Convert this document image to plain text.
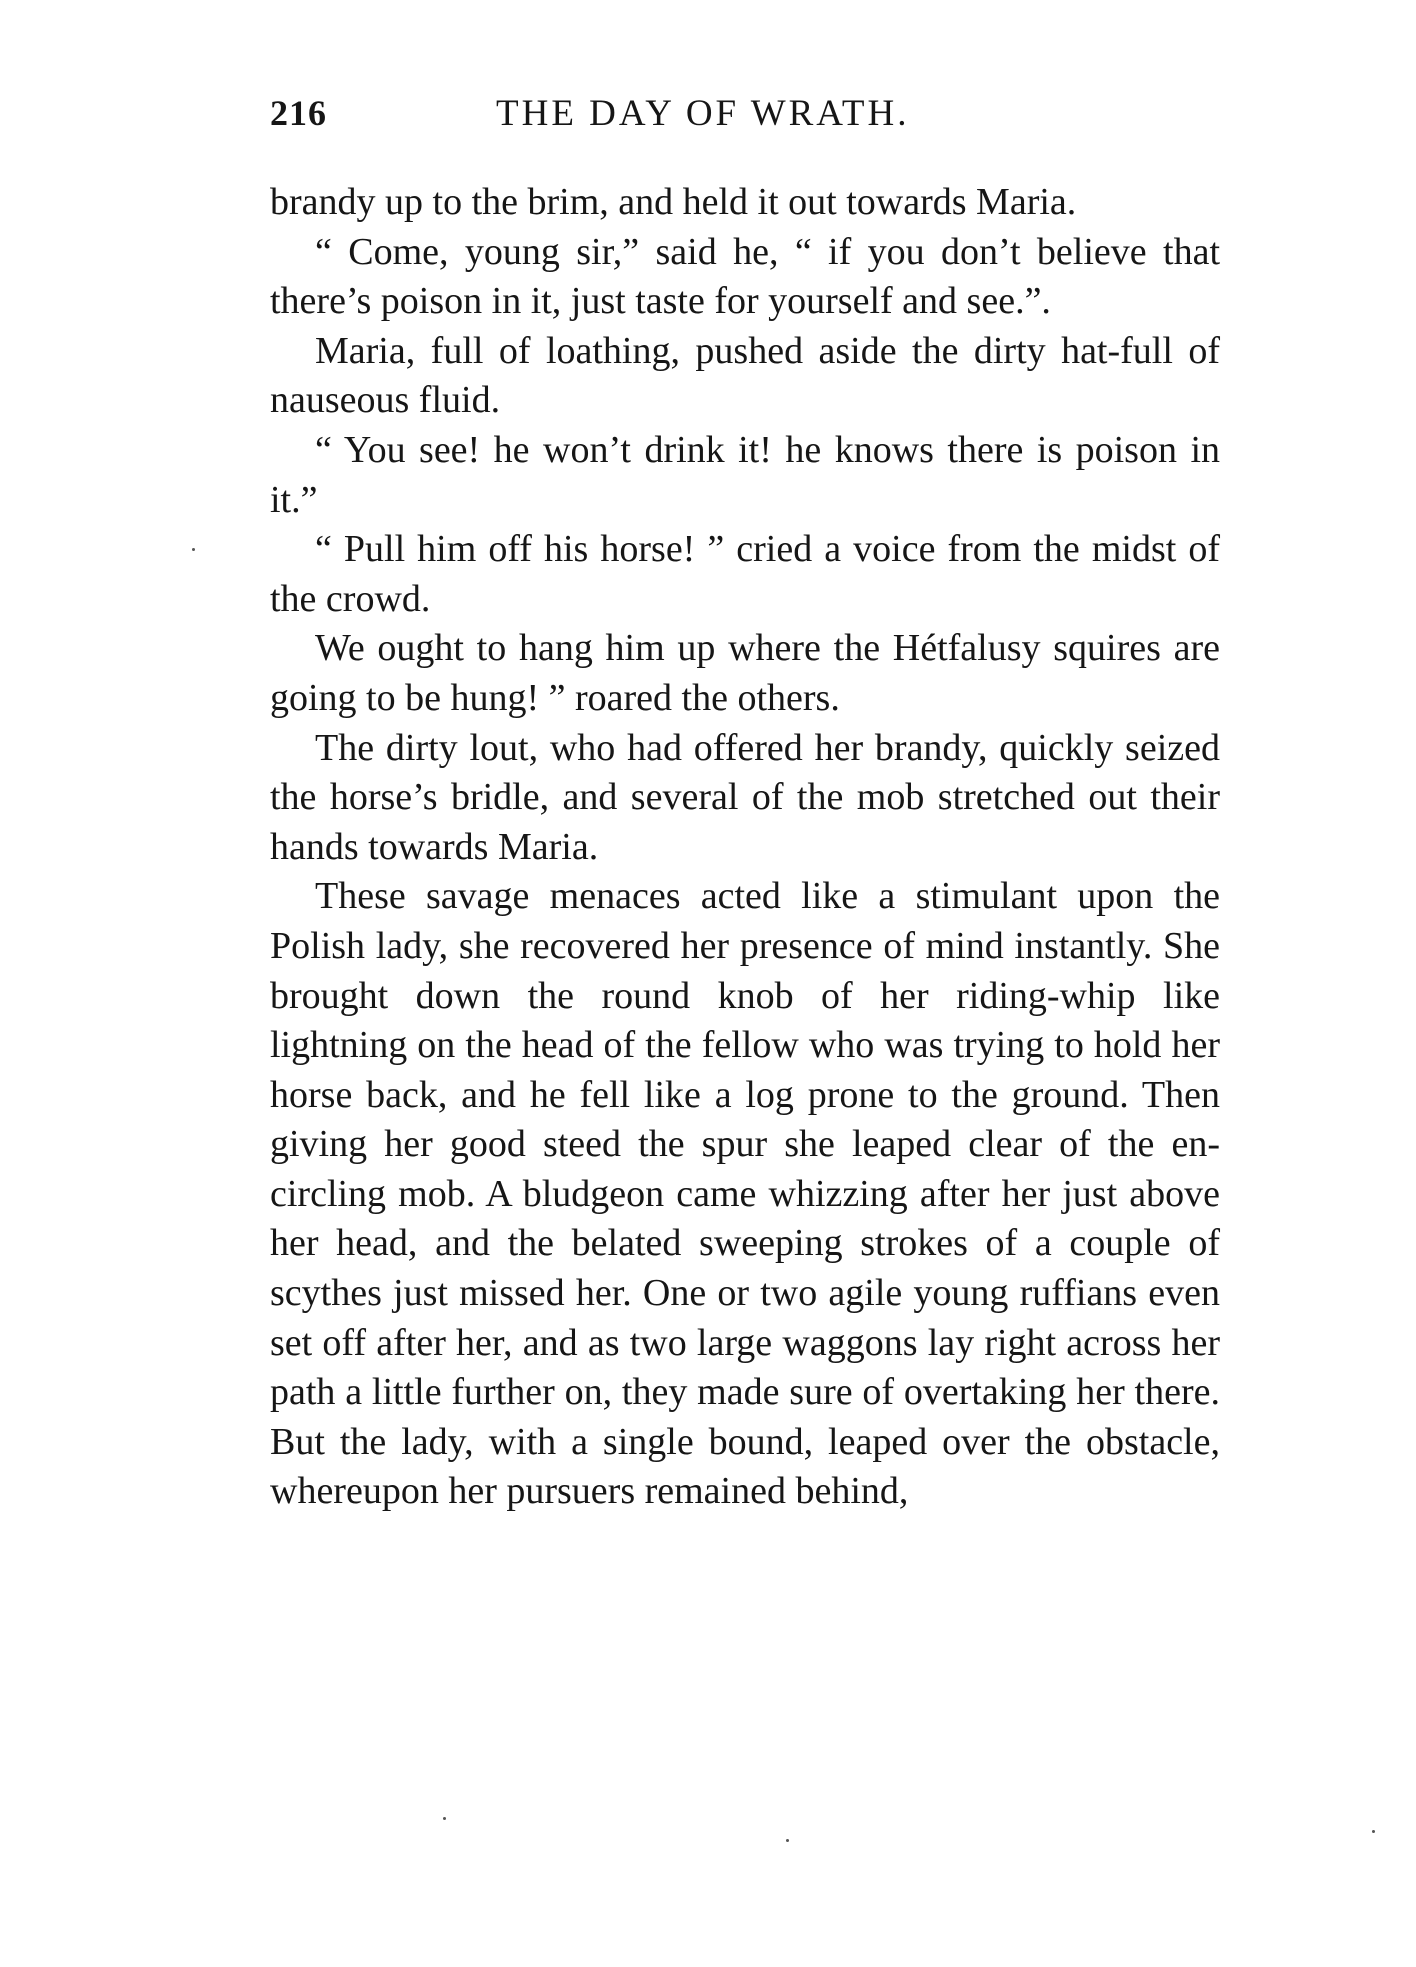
216	THE DAY OF WRATH.

brandy up to the brim, and held it out towards Maria.

“ Come, young sir,” said he, “ if you don’t believe that there’s poison in it, just taste for yourself and see.”.

Maria, full of loathing, pushed aside the dirty hat-full of nauseous fluid.

“ You see! he won’t drink it! he knows there is poison in it.”

“ Pull him off his horse! ” cried a voice from the midst of the crowd.

We ought to hang him up where the Hétfalusy squires are going to be hung! ” roared the others.

The dirty lout, who had offered her brandy, quickly seized the horse’s bridle, and several of the mob stretched out their hands towards Maria.

These savage menaces acted like a stimulant upon the Polish lady, she recovered her presence of mind instantly. She brought down the round knob of her riding-whip like lightning on the head of the fellow who was trying to hold her horse back, and he fell like a log prone to the ground. Then giving her good steed the spur she leaped clear of the en-circling mob. A bludgeon came whizzing after her just above her head, and the belated sweeping strokes of a couple of scythes just missed her. One or two agile young ruffians even set off after her, and as two large waggons lay right across her path a little further on, they made sure of overtaking her there. But the lady, with a single bound, leaped over the obstacle, whereupon her pursuers remained behind,
